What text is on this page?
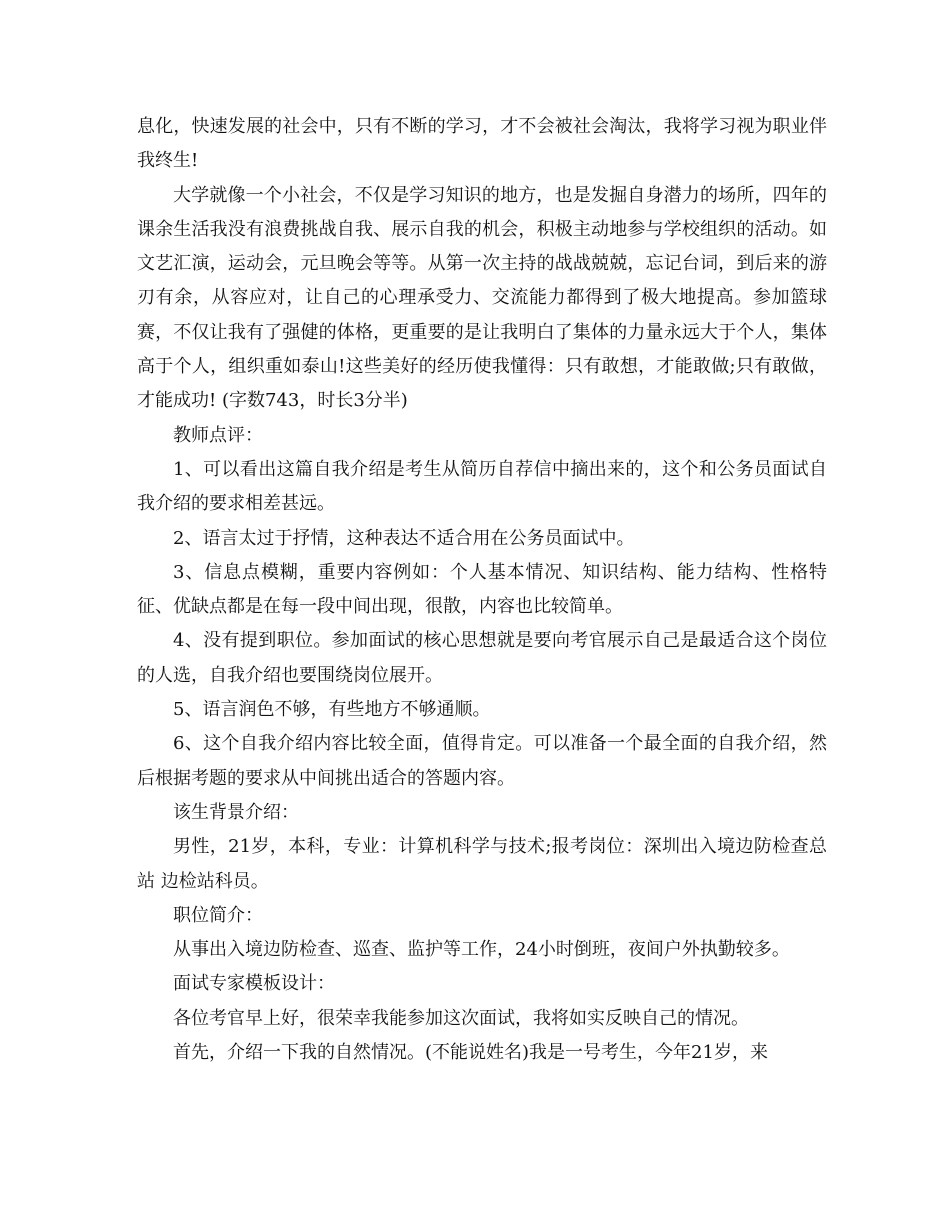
息化，快速发展的社会中，只有不断的学习，才不会被社会淘汰，我将学习视为职业伴我终生!

大学就像一个小社会，不仅是学习知识的地方，也是发掘自身潜力的场所，四年的课余生活我没有浪费挑战自我、展示自我的机会，积极主动地参与学校组织的活动。如文艺汇演，运动会，元旦晚会等等。从第一次主持的战战兢兢，忘记台词，到后来的游刃有余，从容应对，让自己的心理承受力、交流能力都得到了极大地提高。参加篮球赛，不仅让我有了强健的体格，更重要的是让我明白了集体的力量永远大于个人，集体高于个人，组织重如泰山!这些美好的经历使我懂得：只有敢想，才能敢做;只有敢做，才能成功! (字数743，时长3分半)

教师点评：

1、可以看出这篇自我介绍是考生从简历自荐信中摘出来的，这个和公务员面试自我介绍的要求相差甚远。

2、语言太过于抒情，这种表达不适合用在公务员面试中。

3、信息点模糊，重要内容例如：个人基本情况、知识结构、能力结构、性格特征、优缺点都是在每一段中间出现，很散，内容也比较简单。

4、没有提到职位。参加面试的核心思想就是要向考官展示自己是最适合这个岗位的人选，自我介绍也要围绕岗位展开。

5、语言润色不够，有些地方不够通顺。

6、这个自我介绍内容比较全面，值得肯定。可以准备一个最全面的自我介绍，然后根据考题的要求从中间挑出适合的答题内容。

该生背景介绍：

男性，21岁，本科，专业：计算机科学与技术;报考岗位：深圳出入境边防检查总站 边检站科员。

职位简介：

从事出入境边防检查、巡查、监护等工作，24小时倒班，夜间户外执勤较多。

面试专家模板设计：

各位考官早上好，很荣幸我能参加这次面试，我将如实反映自己的情况。

首先，介绍一下我的自然情况。(不能说姓名)我是一号考生，今年21岁，来
